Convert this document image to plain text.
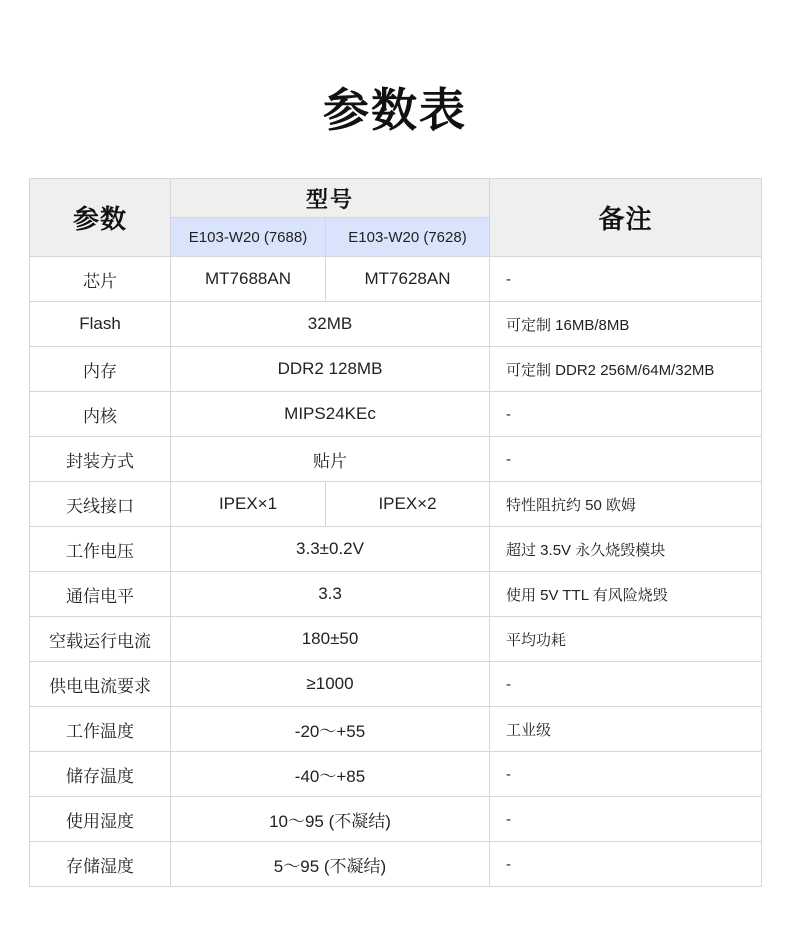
参数表
参数	型号		备注
	E103-W20 (7688)	E103-W20 (7628)	
芯片	MT7688AN	MT7628AN	-
Flash	32MB		可定制 16MB/8MB
内存	DDR2 128MB		可定制 DDR2 256M/64M/32MB
内核	MIPS24KEc		-
封装方式	贴片		-
天线接口	IPEX×1	IPEX×2	特性阻抗约 50 欧姆
工作电压	3.3±0.2V		超过 3.5V 永久烧毁模块
通信电平	3.3		使用 5V TTL 有风险烧毁
空载运行电流	180±50		平均功耗
供电电流要求	≥1000		-
工作温度	-20～+55		工业级
储存温度	-40～+85		-
使用湿度	10～95 (不凝结)		-
存储湿度	5～95 (不凝结)		-
